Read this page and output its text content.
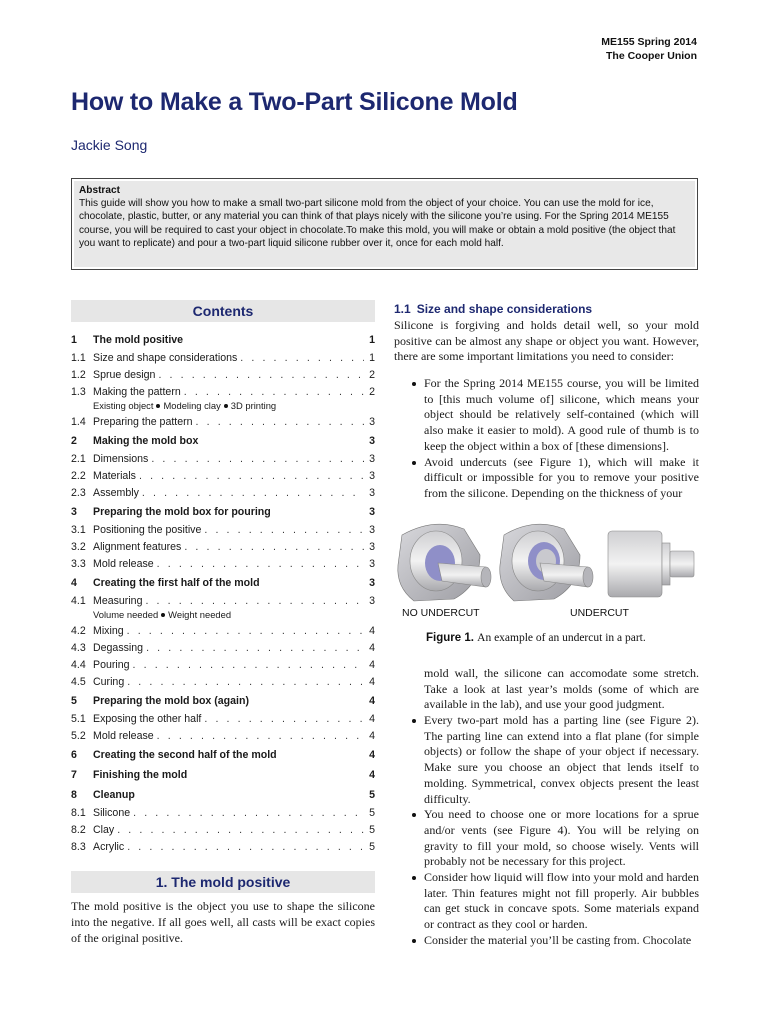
ME155 Spring 2014
The Cooper Union
How to Make a Two-Part Silicone Mold
Jackie Song
Abstract
This guide will show you how to make a small two-part silicone mold from the object of your choice. You can use the mold for ice, chocolate, plastic, butter, or any material you can think of that plays nicely with the silicone you’re using. For the Spring 2014 ME155 course, you will be required to cast your object in chocolate.To make this mold, you will make or obtain a mold positive (the object that you want to replicate) and pour a two-part liquid silicone rubber over it, once for each mold half.
Contents
1	The mold positive	1
1.1 Size and shape considerations . . .	1
1.2 Sprue design . . .	2
1.3 Making the pattern . . .	2
Existing object Modeling clay 3D printing
1.4 Preparing the pattern . . .	3
2	Making the mold box	3
2.1 Dimensions . . .	3
2.2 Materials . . .	3
2.3 Assembly . . .	3
3	Preparing the mold box for pouring	3
3.1 Positioning the positive . . .	3
3.2 Alignment features . . .	3
3.3 Mold release . . .	3
4	Creating the first half of the mold	3
4.1 Measuring . . .	3
Volume needed Weight needed
4.2 Mixing . . .	4
4.3 Degassing . . .	4
4.4 Pouring . . .	4
4.5 Curing . . .	4
5	Preparing the mold box (again)	4
5.1 Exposing the other half . . .	4
5.2 Mold release . . .	4
6	Creating the second half of the mold	4
7	Finishing the mold	4
8	Cleanup	5
8.1 Silicone . . .	5
8.2 Clay . . .	5
8.3 Acrylic . . .	5
1. The mold positive
The mold positive is the object you use to shape the silicone into the negative. If all goes well, all casts will be exact copies of the original positive.
1.1 Size and shape considerations
Silicone is forgiving and holds detail well, so your mold positive can be almost any shape or object you want. However, there are some important limitations you need to consider:
For the Spring 2014 ME155 course, you will be limited to [this much volume of] silicone, which means your object should be relatively self-contained (which will also make it easier to mold). A good rule of thumb is to keep the object within a box of [these dimensions].
Avoid undercuts (see Figure 1), which will make it difficult or impossible for you to remove your positive from the silicone. Depending on the thickness of your
NO UNDERCUT	UNDERCUT
Figure 1. An example of an undercut in a part.
mold wall, the silicone can accomodate some stretch. Take a look at last year’s molds (some of which are available in the lab), and use your good judgment.
Every two-part mold has a parting line (see Figure 2). The parting line can extend into a flat plane (for simple objects) or follow the shape of your object if necessary. Make sure you choose an object that lends itself to molding. Symmetrical, convex objects present the least difficulty.
You need to choose one or more locations for a sprue and/or vents (see Figure 4). You will be relying on gravity to fill your mold, so choose wisely. Vents will probably not be necessary for this project.
Consider how liquid will flow into your mold and harden later. Thin features might not fill properly. Air bubbles can get stuck in concave spots. Some materials expand or contract as they cool or harden.
Consider the material you’ll be casting from. Chocolate
